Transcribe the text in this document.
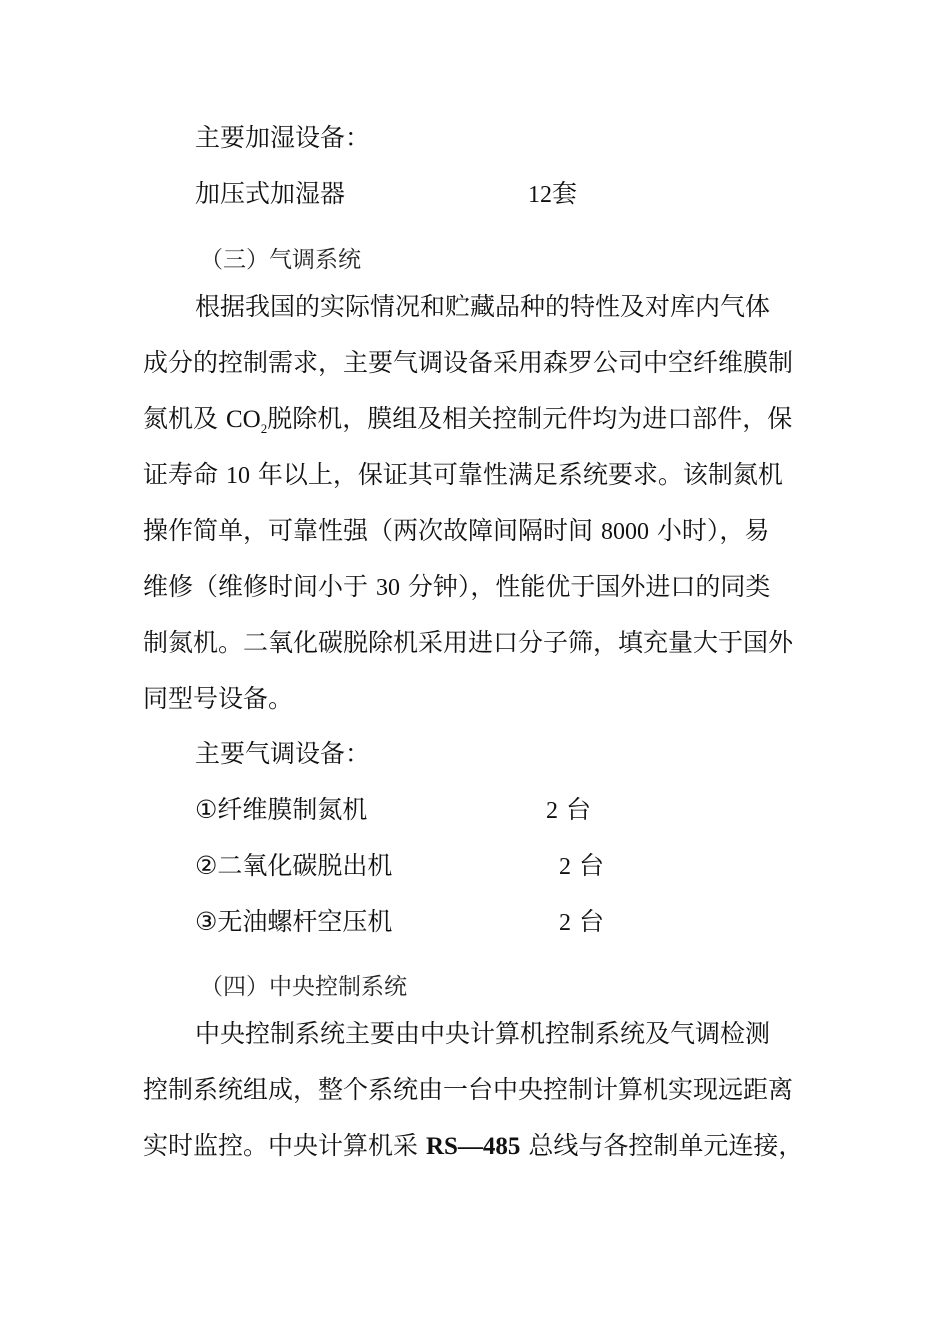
主要加湿设备：
加压式加湿器	12套
（三）气调系统
根据我国的实际情况和贮藏品种的特性及对库内气体
成分的控制需求，主要气调设备采用森罗公司中空纤维膜制
氮机及 $CO_2$脱除机，膜组及相关控制元件均为进口部件，保
证寿命 10 年以上，保证其可靠性满足系统要求。该制氮机
操作简单，可靠性强（两次故障间隔时间 8000 小时），易
维修（维修时间小于 30 分钟），性能优于国外进口的同类
制氮机。二氧化碳脱除机采用进口分子筛，填充量大于国外
同型号设备。
主要气调设备：
①纤维膜制氮机	2 台
②二氧化碳脱出机	2 台
③无油螺杆空压机	2 台
（四）中央控制系统
中央控制系统主要由中央计算机控制系统及气调检测
控制系统组成，整个系统由一台中央控制计算机实现远距离
实时监控。中央计算机采 RS—485 总线与各控制单元连接，
